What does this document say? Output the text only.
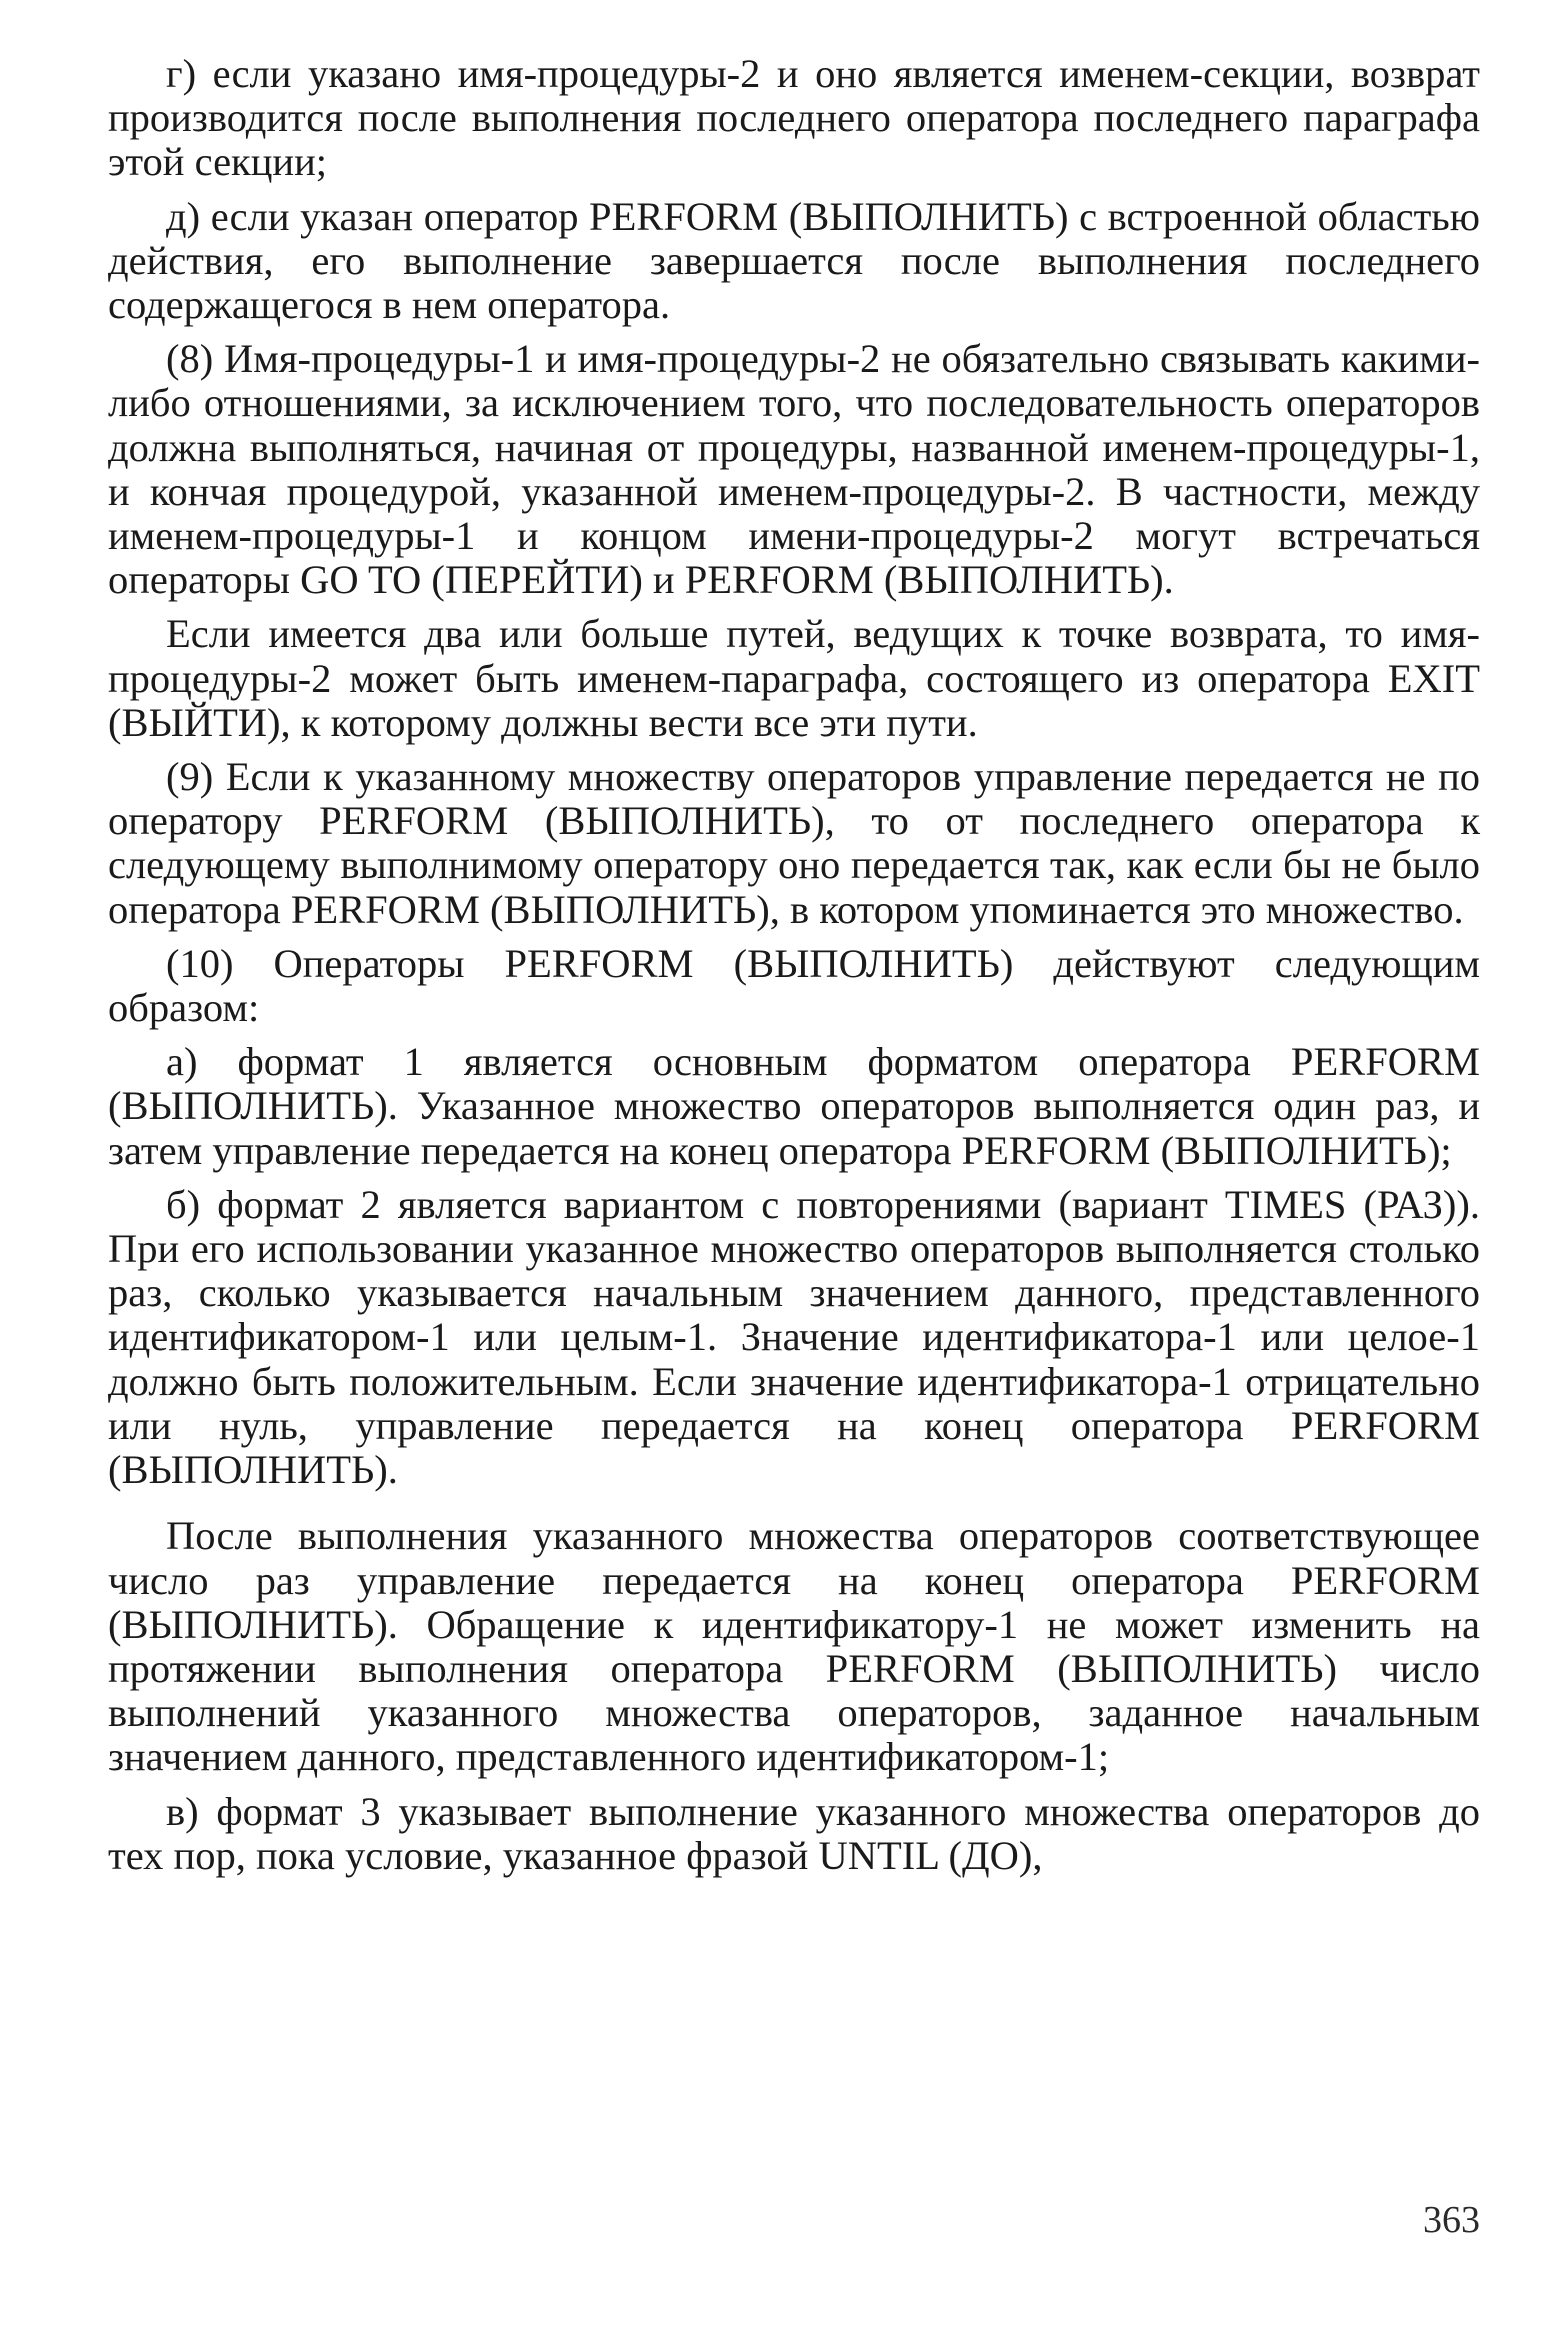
г) если указано имя-процедуры-2 и оно является именем-секции, возврат производится после выполнения последнего оператора последнего параграфа этой секции;

д) если указан оператор PERFORM (ВЫПОЛНИТЬ) с встроенной областью действия, его выполнение завершается после выполнения последнего содержащегося в нем оператора.

(8) Имя-процедуры-1 и имя-процедуры-2 не обязательно связывать какими-либо отношениями, за исключением того, что последовательность операторов должна выполняться, начиная от процедуры, названной именем-процедуры-1, и кончая процедурой, указанной именем-процедуры-2. В частности, между именем-процедуры-1 и концом имени-процедуры-2 могут встречаться операторы GO TO (ПЕРЕЙТИ) и PERFORM (ВЫПОЛНИТЬ).

Если имеется два или больше путей, ведущих к точке возврата, то имя-процедуры-2 может быть именем-параграфа, состоящего из оператора EXIT (ВЫЙТИ), к которому должны вести все эти пути.

(9) Если к указанному множеству операторов управление передается не по оператору PERFORM (ВЫПОЛНИТЬ), то от последнего оператора к следующему выполнимому оператору оно передается так, как если бы не было оператора PERFORM (ВЫПОЛНИТЬ), в котором упоминается это множество.

(10) Операторы PERFORM (ВЫПОЛНИТЬ) действуют следующим образом:

а) формат 1 является основным форматом оператора PERFORM (ВЫПОЛНИТЬ). Указанное множество операторов выполняется один раз, и затем управление передается на конец оператора PERFORM (ВЫПОЛНИТЬ);

б) формат 2 является вариантом с повторениями (вариант TIMES (РАЗ)). При его использовании указанное множество операторов выполняется столько раз, сколько указывается начальным значением данного, представленного идентификатором-1 или целым-1. Значение идентификатора-1 или целое-1 должно быть положительным. Если значение идентификатора-1 отрицательно или нуль, управление передается на конец оператора PERFORM (ВЫПОЛНИТЬ).

После выполнения указанного множества операторов соответствующее число раз управление передается на конец оператора PERFORM (ВЫПОЛНИТЬ). Обращение к идентификатору-1 не может изменить на протяжении выполнения оператора PERFORM (ВЫПОЛНИТЬ) число выполнений указанного множества операторов, заданное начальным значением данного, представленного идентификатором-1;

в) формат 3 указывает выполнение указанного множества операторов до тех пор, пока условие, указанное фразой UNTIL (ДО),

363
